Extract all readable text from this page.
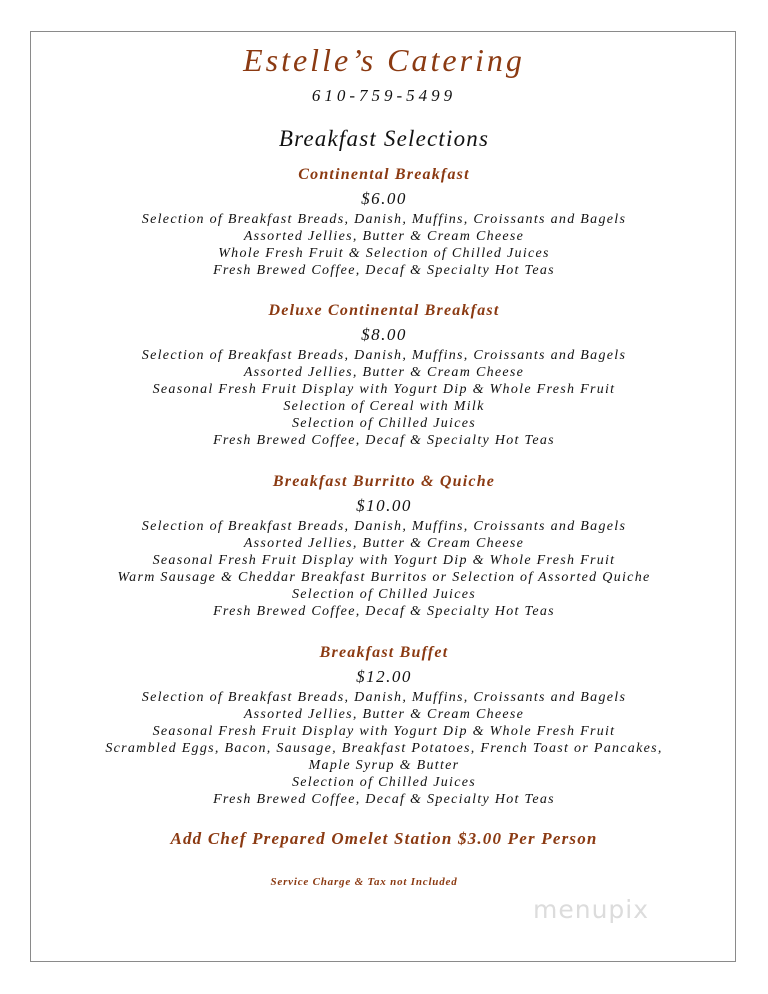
Estelle’s Catering
610-759-5499
Breakfast Selections
Continental Breakfast
$6.00
Selection of Breakfast Breads, Danish, Muffins, Croissants and Bagels
Assorted Jellies, Butter & Cream Cheese
Whole Fresh Fruit & Selection of Chilled Juices
Fresh Brewed Coffee, Decaf & Specialty Hot Teas
Deluxe Continental Breakfast
$8.00
Selection of Breakfast Breads, Danish, Muffins, Croissants and Bagels
Assorted Jellies, Butter & Cream Cheese
Seasonal Fresh Fruit Display with Yogurt Dip & Whole Fresh Fruit
Selection of Cereal with Milk
Selection of Chilled Juices
Fresh Brewed Coffee, Decaf & Specialty Hot Teas
Breakfast Burritto & Quiche
$10.00
Selection of Breakfast Breads, Danish, Muffins, Croissants and Bagels
Assorted Jellies, Butter & Cream Cheese
Seasonal Fresh Fruit Display with Yogurt Dip & Whole Fresh Fruit
Warm Sausage & Cheddar Breakfast Burritos or Selection of Assorted Quiche
Selection of Chilled Juices
Fresh Brewed Coffee, Decaf & Specialty Hot Teas
Breakfast Buffet
$12.00
Selection of Breakfast Breads, Danish, Muffins, Croissants and Bagels
Assorted Jellies, Butter & Cream Cheese
Seasonal Fresh Fruit Display with Yogurt Dip & Whole Fresh Fruit
Scrambled Eggs, Bacon, Sausage, Breakfast Potatoes, French Toast or Pancakes,
Maple Syrup & Butter
Selection of Chilled Juices
Fresh Brewed Coffee, Decaf & Specialty Hot Teas
Add Chef Prepared Omelet Station $3.00 Per Person
Service Charge & Tax not Included
menupix
